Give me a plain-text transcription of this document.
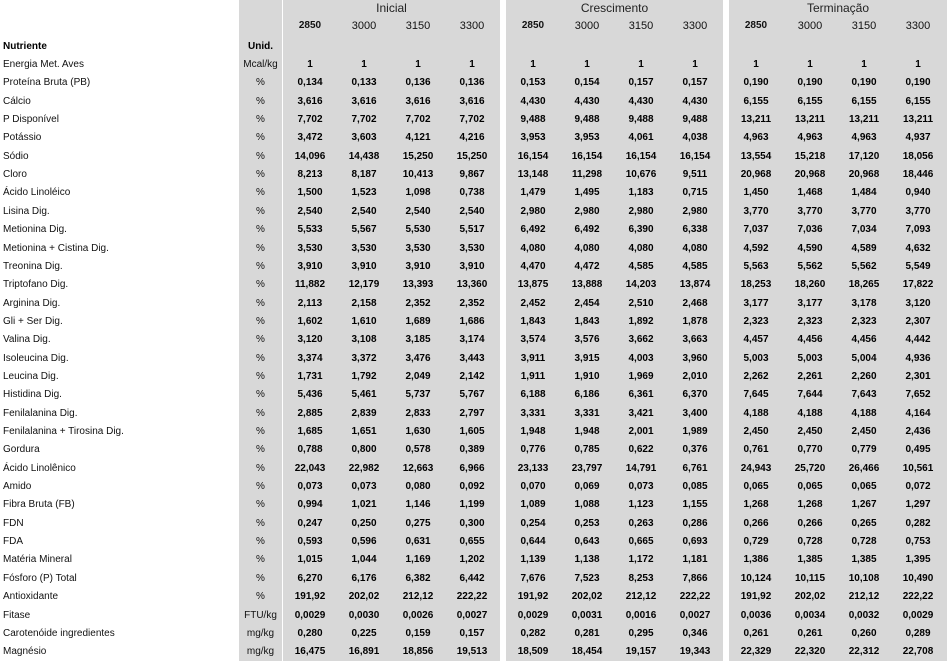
Inicial	Crescimento	Terminação
Nutriente	Unid.
2850	3000	3150	3300	2850	3000	3150	3300	2850	3000	3150	3300
Energia Met. Aves	Mcal/kg	1	1	1	1	1	1	1	1	1	1	1	1
Proteína Bruta (PB)	%	0,134	0,133	0,136	0,136	0,153	0,154	0,157	0,157	0,190	0,190	0,190	0,190
Cálcio	%	3,616	3,616	3,616	3,616	4,430	4,430	4,430	4,430	6,155	6,155	6,155	6,155
P Disponível	%	7,702	7,702	7,702	7,702	9,488	9,488	9,488	9,488	13,211	13,211	13,211	13,211
Potássio	%	3,472	3,603	4,121	4,216	3,953	3,953	4,061	4,038	4,963	4,963	4,963	4,937
Sódio	%	14,096	14,438	15,250	15,250	16,154	16,154	16,154	16,154	13,554	15,218	17,120	18,056
Cloro	%	8,213	8,187	10,413	9,867	13,148	11,298	10,676	9,511	20,968	20,968	20,968	18,446
Ácido Linoléico	%	1,500	1,523	1,098	0,738	1,479	1,495	1,183	0,715	1,450	1,468	1,484	0,940
Lisina Dig.	%	2,540	2,540	2,540	2,540	2,980	2,980	2,980	2,980	3,770	3,770	3,770	3,770
Metionina Dig.	%	5,533	5,567	5,530	5,517	6,492	6,492	6,390	6,338	7,037	7,036	7,034	7,093
Metionina + Cistina Dig.	%	3,530	3,530	3,530	3,530	4,080	4,080	4,080	4,080	4,592	4,590	4,589	4,632
Treonina Dig.	%	3,910	3,910	3,910	3,910	4,470	4,472	4,585	4,585	5,563	5,562	5,562	5,549
Triptofano Dig.	%	11,882	12,179	13,393	13,360	13,875	13,888	14,203	13,874	18,253	18,260	18,265	17,822
Arginina Dig.	%	2,113	2,158	2,352	2,352	2,452	2,454	2,510	2,468	3,177	3,177	3,178	3,120
Gli + Ser Dig.	%	1,602	1,610	1,689	1,686	1,843	1,843	1,892	1,878	2,323	2,323	2,323	2,307
Valina Dig.	%	3,120	3,108	3,185	3,174	3,574	3,576	3,662	3,663	4,457	4,456	4,456	4,442
Isoleucina Dig.	%	3,374	3,372	3,476	3,443	3,911	3,915	4,003	3,960	5,003	5,003	5,004	4,936
Leucina Dig.	%	1,731	1,792	2,049	2,142	1,911	1,910	1,969	2,010	2,262	2,261	2,260	2,301
Histidina Dig.	%	5,436	5,461	5,737	5,767	6,188	6,186	6,361	6,370	7,645	7,644	7,643	7,652
Fenilalanina Dig.	%	2,885	2,839	2,833	2,797	3,331	3,331	3,421	3,400	4,188	4,188	4,188	4,164
Fenilalanina + Tirosina Dig.	%	1,685	1,651	1,630	1,605	1,948	1,948	2,001	1,989	2,450	2,450	2,450	2,436
Gordura	%	0,788	0,800	0,578	0,389	0,776	0,785	0,622	0,376	0,761	0,770	0,779	0,495
Ácido Linolênico	%	22,043	22,982	12,663	6,966	23,133	23,797	14,791	6,761	24,943	25,720	26,466	10,561
Amido	%	0,073	0,073	0,080	0,092	0,070	0,069	0,073	0,085	0,065	0,065	0,065	0,072
Fibra Bruta (FB)	%	0,994	1,021	1,146	1,199	1,089	1,088	1,123	1,155	1,268	1,268	1,267	1,297
FDN	%	0,247	0,250	0,275	0,300	0,254	0,253	0,263	0,286	0,266	0,266	0,265	0,282
FDA	%	0,593	0,596	0,631	0,655	0,644	0,643	0,665	0,693	0,729	0,728	0,728	0,753
Matéria Mineral	%	1,015	1,044	1,169	1,202	1,139	1,138	1,172	1,181	1,386	1,385	1,385	1,395
Fósforo (P) Total	%	6,270	6,176	6,382	6,442	7,676	7,523	8,253	7,866	10,124	10,115	10,108	10,490
Antioxidante	%	191,92	202,02	212,12	222,22	191,92	202,02	212,12	222,22	191,92	202,02	212,12	222,22
Fitase	FTU/kg	0,0029	0,0030	0,0026	0,0027	0,0029	0,0031	0,0016	0,0027	0,0036	0,0034	0,0032	0,0029
Carotenóide ingredientes	mg/kg	0,280	0,225	0,159	0,157	0,282	0,281	0,295	0,346	0,261	0,261	0,260	0,289
Magnésio	mg/kg	16,475	16,891	18,856	19,513	18,509	18,454	19,157	19,343	22,329	22,320	22,312	22,708
